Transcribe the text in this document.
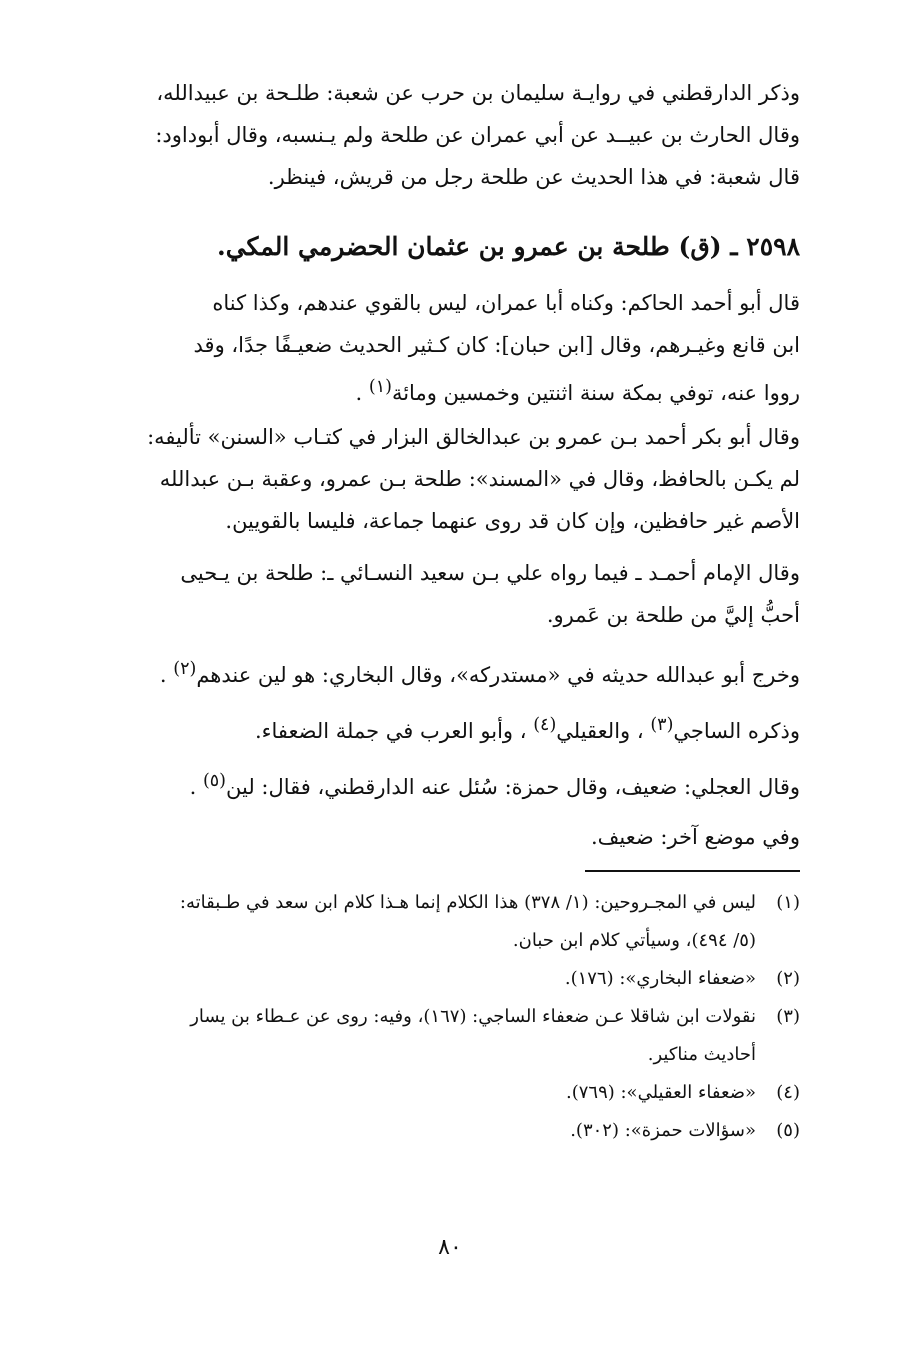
وذكر الدارقطني في روايـة سليمان بن حرب عن شعبة: طلـحة بن عبيدالله،
وقال الحارث بن عبيــد عن أبي عمران عن طلحة ولم يـنسبه، وقال أبوداود:
قال شعبة: في هذا الحديث عن طلحة رجل من قريش، فينظر.
٢٥٩٨ ـ (ق) طلحة بن عمرو بن عثمان الحضرمي المكي.
قال أبو أحمد الحاكم: وكناه أبا عمران، ليس بالقوي عندهم، وكذا كناه
ابن قانع وغيـرهم، وقال [ابن حبان]: كان كـثير الحديث ضعيـفًا جدًا، وقد
رووا عنه، توفي بمكة سنة اثنتين وخمسين ومائة$^{(١)}$ .
وقال أبو بكر أحمد بـن عمرو بن عبدالخالق البزار في كتـاب «السنن» تأليفه:
لم يكـن بالحافظ، وقال في «المسند»: طلحة بـن عمرو، وعقبة بـن عبدالله
الأصم غير حافظين، وإن كان قد روى عنهما جماعة، فليسا بالقويين.
وقال الإمام أحمـد ـ فيما رواه علي بـن سعيد النسـائي ـ: طلحة بن يـحيى
أحبُّ إليَّ من طلحة بن عَمرو.
وخرج أبو عبدالله حديثه في «مستدركه»، وقال البخاري: هو لين عندهم$^{(٢)}$ .
وذكره الساجي$^{(٣)}$ ، والعقيلي$^{(٤)}$ ، وأبو العرب في جملة الضعفاء.
وقال العجلي: ضعيف، وقال حمزة: سُئل عنه الدارقطني، فقال: لين$^{(٥)}$ .
وفي موضع آخر: ضعيف.
(١)ليس في المجـروحين: (١/ ٣٧٨) هذا الكلام إنما هـذا كلام ابن سعد في طـبقاته:
(٥/ ٤٩٤)، وسيأتي كلام ابن حبان.
(٢)«ضعفاء البخاري»: (١٧٦).
(٣)نقولات ابن شاقلا عـن ضعفاء الساجي: (١٦٧)، وفيه: روى عن عـطاء بن يسار
أحاديث مناكير.
(٤)«ضعفاء العقيلي»: (٧٦٩).
(٥)«سؤالات حمزة»: (٣٠٢).
٨٠
